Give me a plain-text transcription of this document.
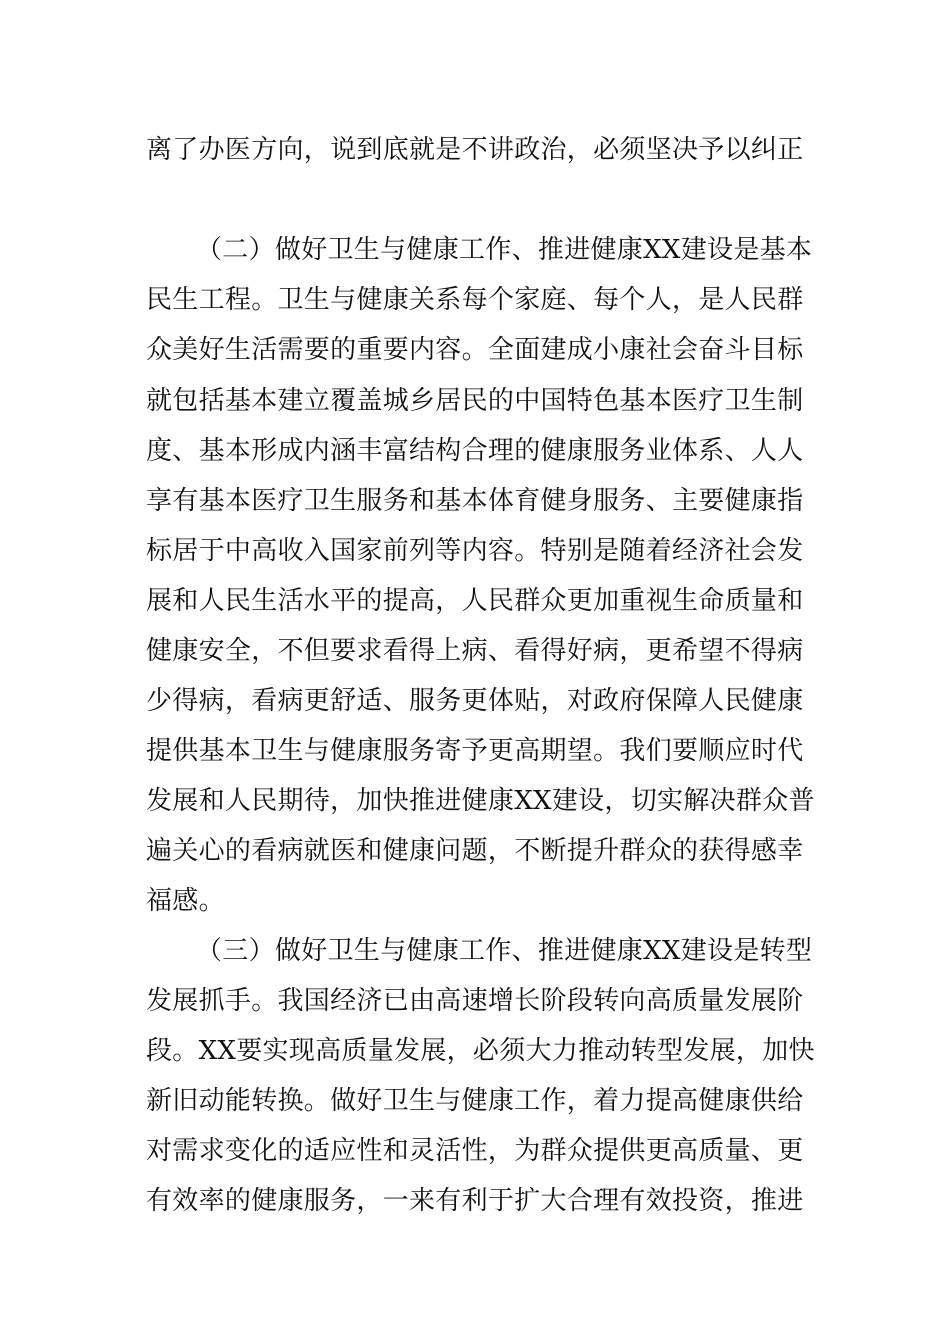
离了办医方向，说到底就是不讲政治，必须坚决予以纠正
（二）做好卫生与健康工作、推进健康XX建设是基本
民生工程。卫生与健康关系每个家庭、每个人，是人民群
众美好生活需要的重要内容。全面建成小康社会奋斗目标
就包括基本建立覆盖城乡居民的中国特色基本医疗卫生制
度、基本形成内涵丰富结构合理的健康服务业体系、人人
享有基本医疗卫生服务和基本体育健身服务、主要健康指
标居于中高收入国家前列等内容。特别是随着经济社会发
展和人民生活水平的提高，人民群众更加重视生命质量和
健康安全，不但要求看得上病、看得好病，更希望不得病
少得病，看病更舒适、服务更体贴，对政府保障人民健康
提供基本卫生与健康服务寄予更高期望。我们要顺应时代
发展和人民期待，加快推进健康XX建设，切实解决群众普
遍关心的看病就医和健康问题，不断提升群众的获得感幸
福感。
（三）做好卫生与健康工作、推进健康XX建设是转型
发展抓手。我国经济已由高速增长阶段转向高质量发展阶
段。XX要实现高质量发展，必须大力推动转型发展，加快
新旧动能转换。做好卫生与健康工作，着力提高健康供给
对需求变化的适应性和灵活性，为群众提供更高质量、更
有效率的健康服务，一来有利于扩大合理有效投资，推进
